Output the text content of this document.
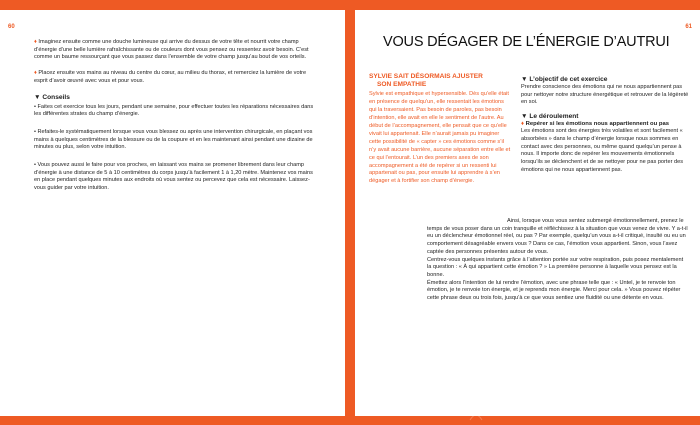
60

♦ Imaginez ensuite comme une douche lumineuse qui arrive du dessus de votre tête et nourrit votre champ d’énergie d’une belle lumière rafraîchissante ou de couleurs dont vous pensez ou ressentez avoir besoin. C’est comme un baume ressourçant que vous passez dans l’ensemble de votre champ jusqu’au bout de vos orteils.

♦ Placez ensuite vos mains au niveau du centre du cœur, au milieu du thorax, et remerciez la lumière de votre esprit d’avoir œuvré avec vous et pour vous.

▼ Conseils

• Faites cet exercice tous les jours, pendant une semaine, pour effectuer toutes les réparations nécessaires dans les différentes strates du champ d’énergie.

• Refaites-le systématiquement lorsque vous vous blessez ou après une intervention chirurgicale, en plaçant vos mains à quelques centimètres de la blessure ou de la coupure et en les maintenant ainsi pendant une dizaine de minutes ou plus, selon votre intuition.

• Vous pouvez aussi le faire pour vos proches, en laissant vos mains se promener librement dans leur champ d’énergie à une distance de 5 à 10 centimètres du corps jusqu’à facilement 1 à 1,20 mètre. Maintenez vos mains en place pendant quelques minutes aux endroits où vous sentez ou percevez que cela est nécessaire. Laissez-vous guider par votre intuition.

61
VOUS DÉGAGER DE L’ÉNERGIE D’AUTRUI

SYLVIE SAIT DÉSORMAIS AJUSTER
SON EMPATHIE

Sylvie est empathique et hypersensible. Dès qu’elle était en présence de quelqu’un, elle ressentait les émotions qui la traversaient. Pas besoin de paroles, pas besoin d’intention, elle avait en elle le sentiment de l’autre. Au début de l’accompagnement, elle pensait que ce qu’elle vivait lui appartenait. Elle n’aurait jamais pu imaginer cette possibilité de « capter » ces émotions comme s’il n’y avait aucune barrière, aucune séparation entre elle et ce qui l’entourait. L’un des premiers axes de son accompagnement a été de repérer si un ressenti lui appartenait ou pas, pour ensuite lui apprendre à s’en dégager et à fortifier son champ d’énergie.

▼ L’objectif de cet exercice

Prendre conscience des émotions qui ne nous appartiennent pas pour nettoyer notre structure énergétique et retrouver de la légèreté en soi.

▼ Le déroulement

♦ Repérer si les émotions nous appartiennent ou pas

Les émotions sont des énergies très volatiles et sont facilement « absorbées » dans le champ d’énergie lorsque nous sommes en contact avec des personnes, ou même quand quelqu’un pense à nous. Il importe donc de repérer les mouvements émotionnels lorsqu’ils se déclenchent et de se nettoyer pour ne pas porter des émotions qui ne nous appartiennent pas.

Ainsi, lorsque vous vous sentez submergé émotionnellement, prenez le temps de vous poser dans un coin tranquille et réfléchissez à la situation que vous venez de vivre. Y a-t-il eu un déclencheur émotionnel réel, ou pas ? Par exemple, quelqu’un vous a-t-il critiqué, insulté ou eu un comportement désagréable envers vous ? Dans ce cas, l’émotion vous appartient. Sinon, vous l’avez captée des personnes présentes autour de vous.

Centrez-vous quelques instants grâce à l’attention portée sur votre respiration, puis posez mentalement la question : « À qui appartient cette émotion ? » La première personne à laquelle vous pensez est la bonne.

Émettez alors l’intention de lui rendre l’émotion, avec une phrase telle que : « Untel, je te renvoie ton émotion, je te renvoie ton énergie, et je reprends mon énergie. Merci pour cela. » Vous pouvez répéter cette phrase deux ou trois fois, jusqu’à ce que vous sentiez une fluidité ou une détente en vous.
